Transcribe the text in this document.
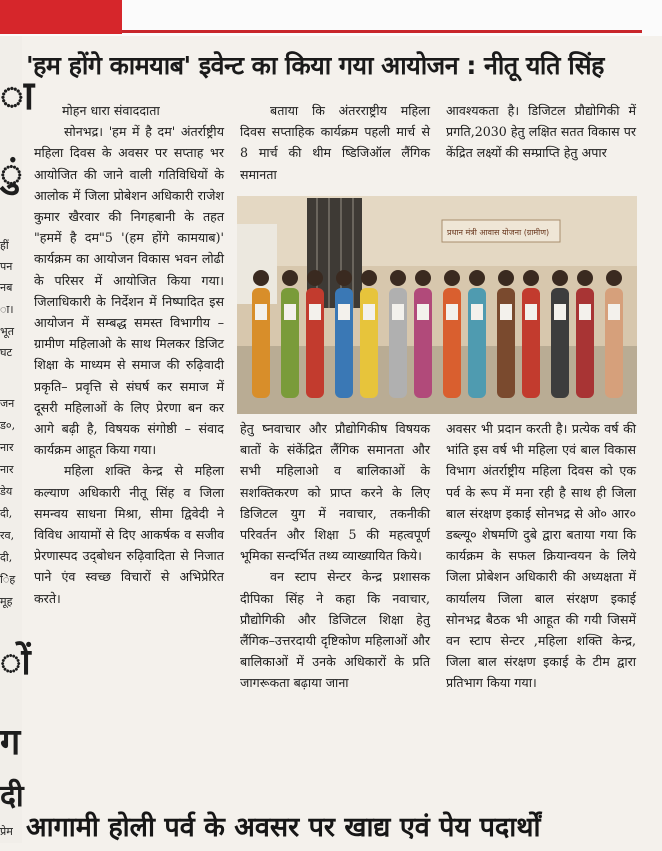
ा
ुं
हीं
पन
नब
ा।
भूत
घट
जन
ड०,
नार
नार
डेय
दी,
रव,
दी,
िंह
मूह
ों
ग
दी
प्रेम
'हम होंगे कामयाब' इवेन्ट का किया गया आयोजन : नीतू यति सिंह

मोहन धारा संवाददाता

सोनभद्र। 'हम में है दम' अंतर्राष्ट्रीय महिला दिवस के अवसर पर सप्ताह भर आयोजित की जाने वाली गतिविधियों के आलोक में जिला प्रोबेशन अधिकारी राजेश कुमार खैरवार की निगहबानी के तहत "हममें है दम"5 '(हम होंगे कामयाब)' कार्यक्रम का आयोजन विकास भवन लोढी के परिसर में आयोजित किया गया। जिलाधिकारी के निर्देशन में निष्पादित इस आयोजन में सम्बद्ध समस्त विभागीय – ग्रामीण महिलाओ के साथ मिलकर डिजिट शिक्षा के माध्यम से समाज की रुढ़िवादी प्रकृति– प्रवृत्ति से संघर्ष कर समाज में दूसरी महिलाओं के लिए प्रेरणा बन कर आगे बढ़ी है, विषयक संगोष्ठी – संवाद कार्यक्रम आहूत किया गया।

महिला शक्ति केन्द्र से महिला कल्याण अधिकारी नीतू सिंह व जिला समन्वय साधना मिश्रा, सीमा द्विवेदी ने विविध आयामों से दिए आकर्षक व सजीव प्रेरणास्पद उद्‌बोधन रुढ़िवादिता से निजात पाने एंव स्वच्छ विचारों से अभिप्रेरित करते।

बताया कि अंतरराष्ट्रीय महिला दिवस सप्ताहिक कार्यक्रम पहली मार्च से 8 मार्च की थीम ष्डिजिऑल लैंगिक समानता

आवश्यकता है। डिजिटल प्रौद्योगिकी में प्रगति,2030 हेतु लक्षित सतत विकास पर केंद्रित लक्ष्यों की सम्प्राप्ति हेतु अपार

प्रधान मंत्री आवास योजना (ग्रामीण)

हेतु ष्नवाचार और प्रौद्योगिकीष विषयक बातों के संकेंद्रित लैंगिक समानता और सभी महिलाओ व बालिकाओं के सशक्तिकरण को प्राप्त करने के लिए डिजिटल युग में नवाचार, तकनीकी परिवर्तन और शिक्षा 5 की महत्वपूर्ण भूमिका सन्दर्भित तथ्य व्याख्यायित किये।

वन स्टाप सेन्टर केन्द्र प्रशासक दीपिका सिंह ने कहा कि नवाचार, प्रौद्योगिकी और डिजिटल शिक्षा हेतु लैंगिक–उत्तरदायी दृष्टिकोण महिलाओं और बालिकाओं में उनके अधिकारों के प्रति जागरूकता बढ़ाया जाना

अवसर भी प्रदान करती है। प्रत्येक वर्ष की भांति इस वर्ष भी महिला एवं बाल विकास विभाग अंतर्राष्ट्रीय महिला दिवस को एक पर्व के रूप में मना रही है साथ ही जिला बाल संरक्षण इकाई सोनभद्र से ओ० आर० डब्ल्यू० शेषमणि दुबे द्वारा बताया गया कि कार्यक्रम के सफल क्रियान्वयन के लिये जिला प्रोबेशन अधिकारी की अध्यक्षता में कार्यालय जिला बाल संरक्षण इकाई सोनभद्र बैठक भी आहूत की गयी जिसमें वन स्टाप सेन्टर ,महिला शक्ति केन्द्र, जिला बाल संरक्षण इकाई के टीम द्वारा प्रतिभाग किया गया।

आगामी होली पर्व के अवसर पर खाद्य एवं पेय पदार्थों
